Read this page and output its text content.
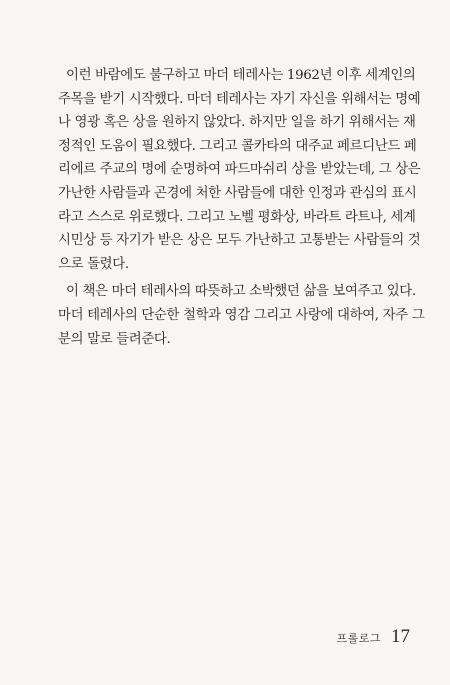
이런 바람에도 불구하고 마더 테레사는 1962년 이후 세계인의
주목을 받기 시작했다. 마더 테레사는 자기 자신을 위해서는 명예
나 영광 혹은 상을 원하지 않았다. 하지만 일을 하기 위해서는 재
정적인 도움이 필요했다. 그리고 콜카타의 대주교 페르디난드 페
리에르 주교의 명에 순명하여 파드마쉬리 상을 받았는데, 그 상은
가난한 사람들과 곤경에 처한 사람들에 대한 인정과 관심의 표시
라고 스스로 위로했다. 그리고 노벨 평화상, 바라트 라트나, 세계
시민상 등 자기가 받은 상은 모두 가난하고 고통받는 사람들의 것
으로 돌렸다.
이 책은 마더 테레사의 따뜻하고 소박했던 삶을 보여주고 있다.
마더 테레사의 단순한 철학과 영감 그리고 사랑에 대하여, 자주 그
분의 말로 들려준다.
프롤로그 17
